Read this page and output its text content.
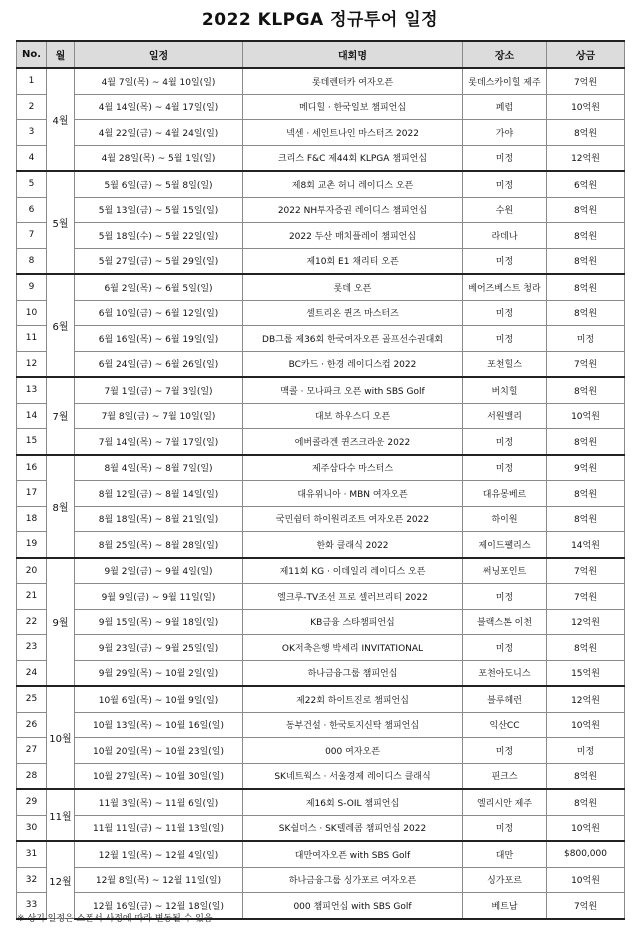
2022 KLPGA 정규투어 일정
No.	월	일정	대회명	장소	상금
1	4월	4월 7일(목) ~ 4월 10일(일)	롯데렌터카 여자오픈	롯데스카이힐 제주	7억원
2		4월 14일(목) ~ 4월 17일(일)	메디힐 · 한국일보 챔피언십	페럼	10억원
3		4월 22일(금) ~ 4월 24일(일)	넥센 · 세인트나인 마스터즈 2022	가야	8억원
4		4월 28일(목) ~ 5월 1일(일)	크리스 F&C 제44회 KLPGA 챔피언십	미정	12억원
5	5월	5월 6일(금) ~ 5월 8일(일)	제8회 교촌 허니 레이디스 오픈	미정	6억원
6		5월 13일(금) ~ 5월 15일(일)	2022 NH투자증권 레이디스 챔피언십	수원	8억원
7		5월 18일(수) ~ 5월 22일(일)	2022 두산 매치플레이 챔피언십	라데나	8억원
8		5월 27일(금) ~ 5월 29일(일)	제10회 E1 채리티 오픈	미정	8억원
9	6월	6월 2일(목) ~ 6월 5일(일)	롯데 오픈	베어즈베스트 청라	8억원
10		6월 10일(금) ~ 6월 12일(일)	셀트리온 퀸즈 마스터즈	미정	8억원
11		6월 16일(목) ~ 6월 19일(일)	DB그룹 제36회 한국여자오픈 골프선수권대회	미정	미정
12		6월 24일(금) ~ 6월 26일(일)	BC카드 · 한경 레이디스컵 2022	포천힐스	7억원
13	7월	7월 1일(금) ~ 7월 3일(일)	맥콜 · 모나파크 오픈 with SBS Golf	버치힐	8억원
14		7월 8일(금) ~ 7월 10일(일)	대보 하우스디 오픈	서원밸리	10억원
15		7월 14일(목) ~ 7월 17일(일)	에버콜라겐 퀸즈크라운 2022	미정	8억원
16	8월	8월 4일(목) ~ 8월 7일(일)	제주삼다수 마스터스	미정	9억원
17		8월 12일(금) ~ 8월 14일(일)	대유위니아 · MBN 여자오픈	대유몽베르	8억원
18		8월 18일(목) ~ 8월 21일(일)	국민쉼터 하이원리조트 여자오픈 2022	하이원	8억원
19		8월 25일(목) ~ 8월 28일(일)	한화 클래식 2022	제이드팰리스	14억원
20	9월	9월 2일(금) ~ 9월 4일(일)	제11회 KG · 이데일리 레이디스 오픈	써닝포인트	7억원
21		9월 9일(금) ~ 9월 11일(일)	엘크루-TV조선 프로 셀러브리티 2022	미정	7억원
22		9월 15일(목) ~ 9월 18일(일)	KB금융 스타챔피언십	블랙스톤 이천	12억원
23		9월 23일(금) ~ 9월 25일(일)	OK저축은행 박세리 INVITATIONAL	미정	8억원
24		9월 29일(목) ~ 10월 2일(일)	하나금융그룹 챔피언십	포천아도니스	15억원
25	10월	10월 6일(목) ~ 10월 9일(일)	제22회 하이트진로 챔피언십	블루헤런	12억원
26		10월 13일(목) ~ 10월 16일(일)	동부건설 · 한국토지신탁 챔피언십	익산CC	10억원
27		10월 20일(목) ~ 10월 23일(일)	000 여자오픈	미정	미정
28		10월 27일(목) ~ 10월 30일(일)	SK네트웍스 · 서울경제 레이디스 클래식	핀크스	8억원
29	11월	11월 3일(목) ~ 11월 6일(일)	제16회 S-OIL 챔피언십	엘리시안 제주	8억원
30		11월 11일(금) ~ 11월 13일(일)	SK쉴더스 · SK텔레콤 챔피언십 2022	미정	10억원
31	12월	12월 1일(목) ~ 12월 4일(일)	대만여자오픈 with SBS Golf	대만	$800,000
32		12월 8일(목) ~ 12월 11일(일)	하나금융그룹 싱가포르 여자오픈	싱가포르	10억원
33		12월 16일(금) ~ 12월 18일(일)	000 챔피언십 with SBS Golf	베트남	7억원
※ 상기 일정은 스폰서 사정에 따라 변동될 수 있음
